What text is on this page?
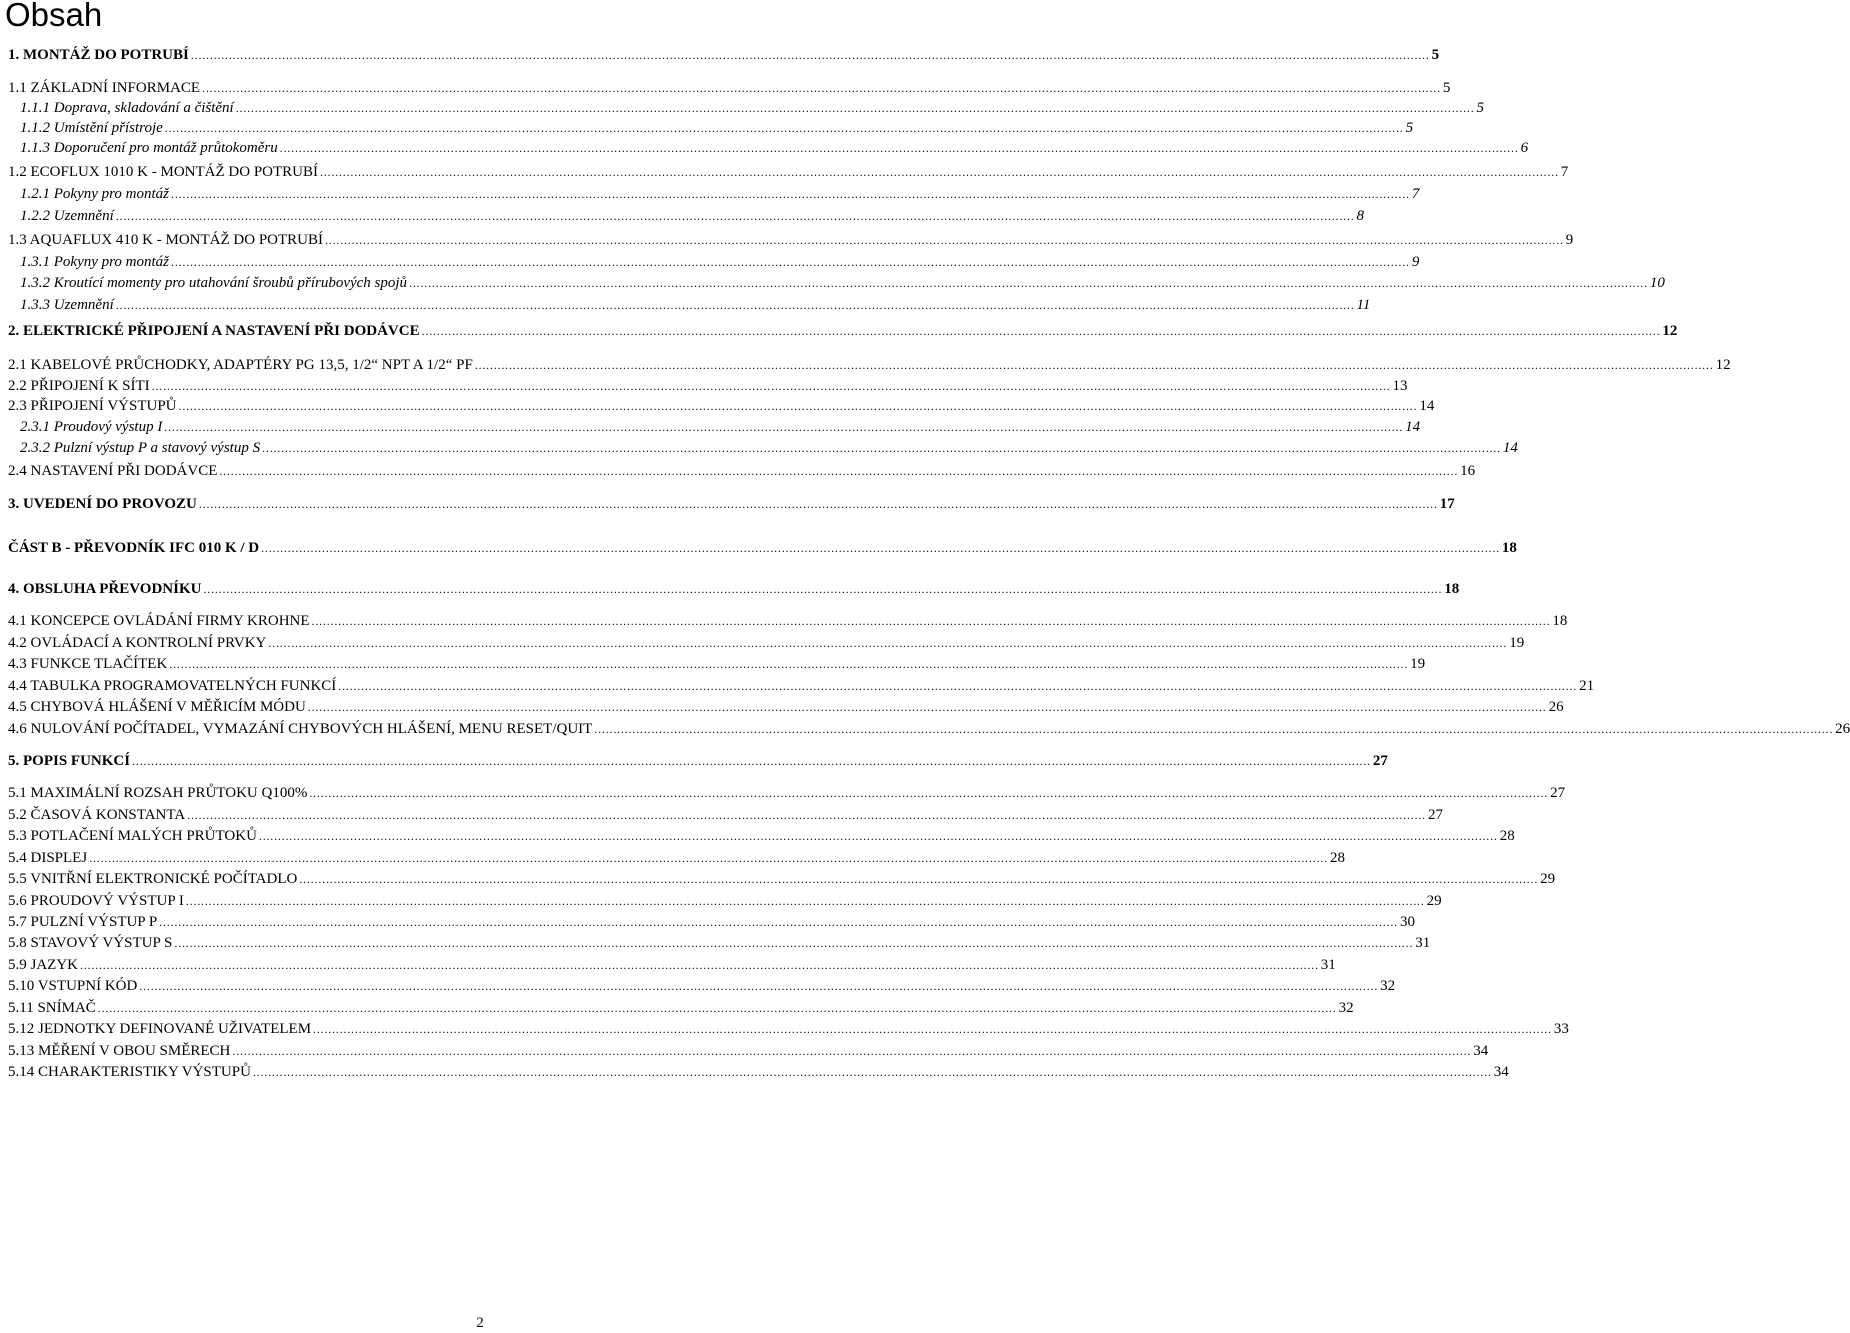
Obsah
1. MONTÁŽ DO POTRUBÍ .....	5
1.1 ZÁKLADNÍ INFORMACE .....	5
1.1.1 Doprava, skladování a čištění .....	5
1.1.2 Umístění přístroje .....	5
1.1.3 Doporučení pro montáž průtokoměru .....	6
1.2 ECOFLUX 1010 K - MONTÁŽ DO POTRUBÍ .....	7
1.2.1 Pokyny pro montáž .....	7
1.2.2 Uzemnění .....	8
1.3 AQUAFLUX 410 K - MONTÁŽ DO POTRUBÍ .....	9
1.3.1 Pokyny pro montáž .....	9
1.3.2 Kroutící momenty pro utahování šroubů přírubových spojů .....	10
1.3.3 Uzemnění .....	11
2. ELEKTRICKÉ PŘIPOJENÍ A NASTAVENÍ PŘI DODÁVCE .....	12
2.1 KABELOVÉ PRŮCHODKY, ADAPTÉRY PG 13,5, 1/2“ NPT A 1/2“ PF .....	12
2.2 PŘIPOJENÍ K SÍTI .....	13
2.3 PŘIPOJENÍ VÝSTUPŮ .....	14
2.3.1 Proudový výstup I .....	14
2.3.2 Pulzní výstup P a stavový výstup S .....	14
2.4 NASTAVENÍ PŘI DODÁVCE .....	16
3. UVEDENÍ DO PROVOZU .....	17
ČÁST B - PŘEVODNÍK IFC 010 K / D .....	18
4. OBSLUHA PŘEVODNÍKU .....	18
4.1 KONCEPCE OVLÁDÁNÍ FIRMY KROHNE .....	18
4.2 OVLÁDACÍ A KONTROLNÍ PRVKY .....	19
4.3 FUNKCE TLAČÍTEK .....	19
4.4 TABULKA PROGRAMOVATELNÝCH FUNKCÍ .....	21
4.5 CHYBOVÁ HLÁŠENÍ V MĚŘICÍM MÓDU .....	26
4.6 NULOVÁNÍ POČÍTADEL, VYMAZÁNÍ CHYBOVÝCH HLÁŠENÍ, MENU RESET/QUIT .....	26
5. POPIS FUNKCÍ .....	27
5.1 MAXIMÁLNÍ ROZSAH PRŮTOKU Q100% .....	27
5.2 ČASOVÁ KONSTANTA .....	27
5.3 POTLAČENÍ MALÝCH PRŮTOKŮ .....	28
5.4 DISPLEJ .....	28
5.5 VNITŘNÍ ELEKTRONICKÉ POČÍTADLO .....	29
5.6 PROUDOVÝ VÝSTUP I .....	29
5.7 PULZNÍ VÝSTUP P .....	30
5.8 STAVOVÝ VÝSTUP S .....	31
5.9 JAZYK .....	31
5.10 VSTUPNÍ KÓD .....	32
5.11 SNÍMAČ .....	32
5.12 JEDNOTKY DEFINOVANÉ UŽIVATELEM .....	33
5.13 MĚŘENÍ V OBOU SMĚRECH .....	34
5.14 CHARAKTERISTIKY VÝSTUPŮ .....	34
2
